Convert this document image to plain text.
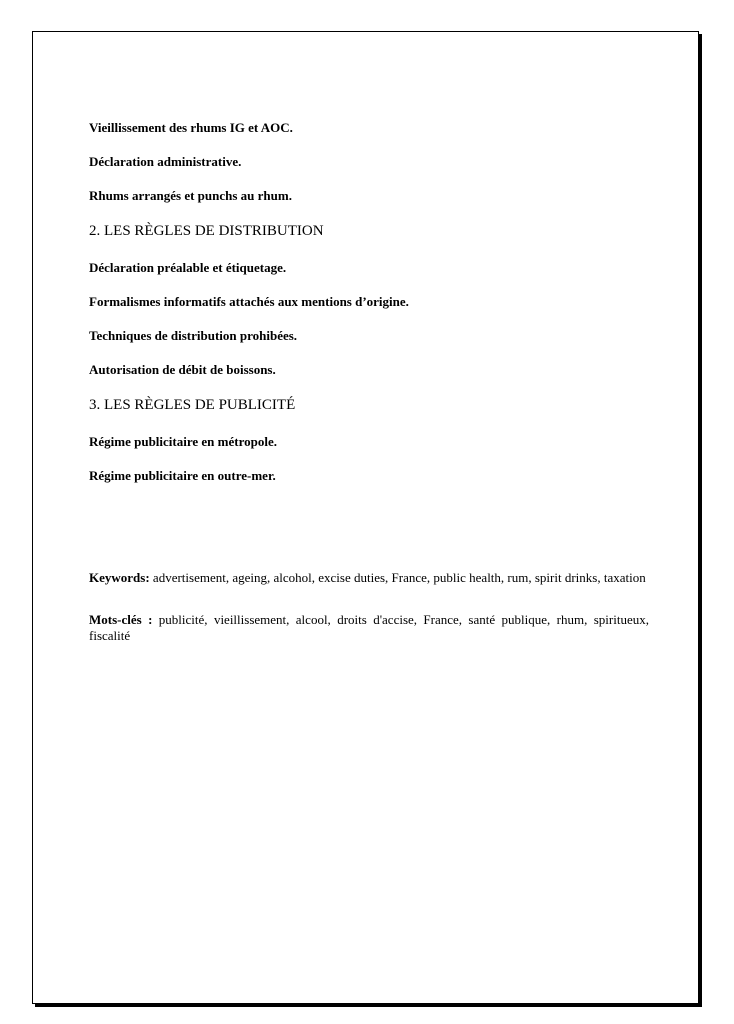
Vieillissement des rhums IG et AOC.
Déclaration administrative.
Rhums arrangés et punchs au rhum.
2. LES RÈGLES DE DISTRIBUTION
Déclaration préalable et étiquetage.
Formalismes informatifs attachés aux mentions d’origine.
Techniques de distribution prohibées.
Autorisation de débit de boissons.
3. LES RÈGLES DE PUBLICITÉ
Régime publicitaire en métropole.
Régime publicitaire en outre-mer.
Keywords: advertisement, ageing, alcohol, excise duties, France, public health, rum, spirit drinks, taxation
Mots-clés : publicité, vieillissement, alcool, droits d'accise, France, santé publique, rhum, spiritueux, fiscalité
